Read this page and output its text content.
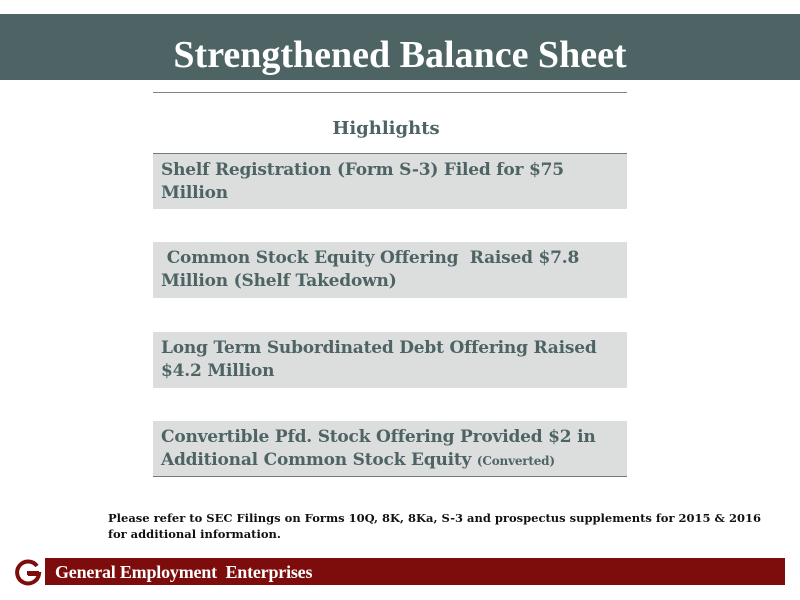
Strengthened Balance Sheet
Highlights
Shelf Registration (Form S-3) Filed for $75 Million
Common Stock Equity Offering  Raised $7.8 Million (Shelf Takedown)
Long Term Subordinated Debt Offering Raised $4.2 Million
Convertible Pfd. Stock Offering Provided $2 in Additional Common Stock Equity (Converted)
Please refer to SEC Filings on Forms 10Q, 8K, 8Ka, S-3 and prospectus supplements for 2015 & 2016 for additional information.
General Employment  Enterprises
